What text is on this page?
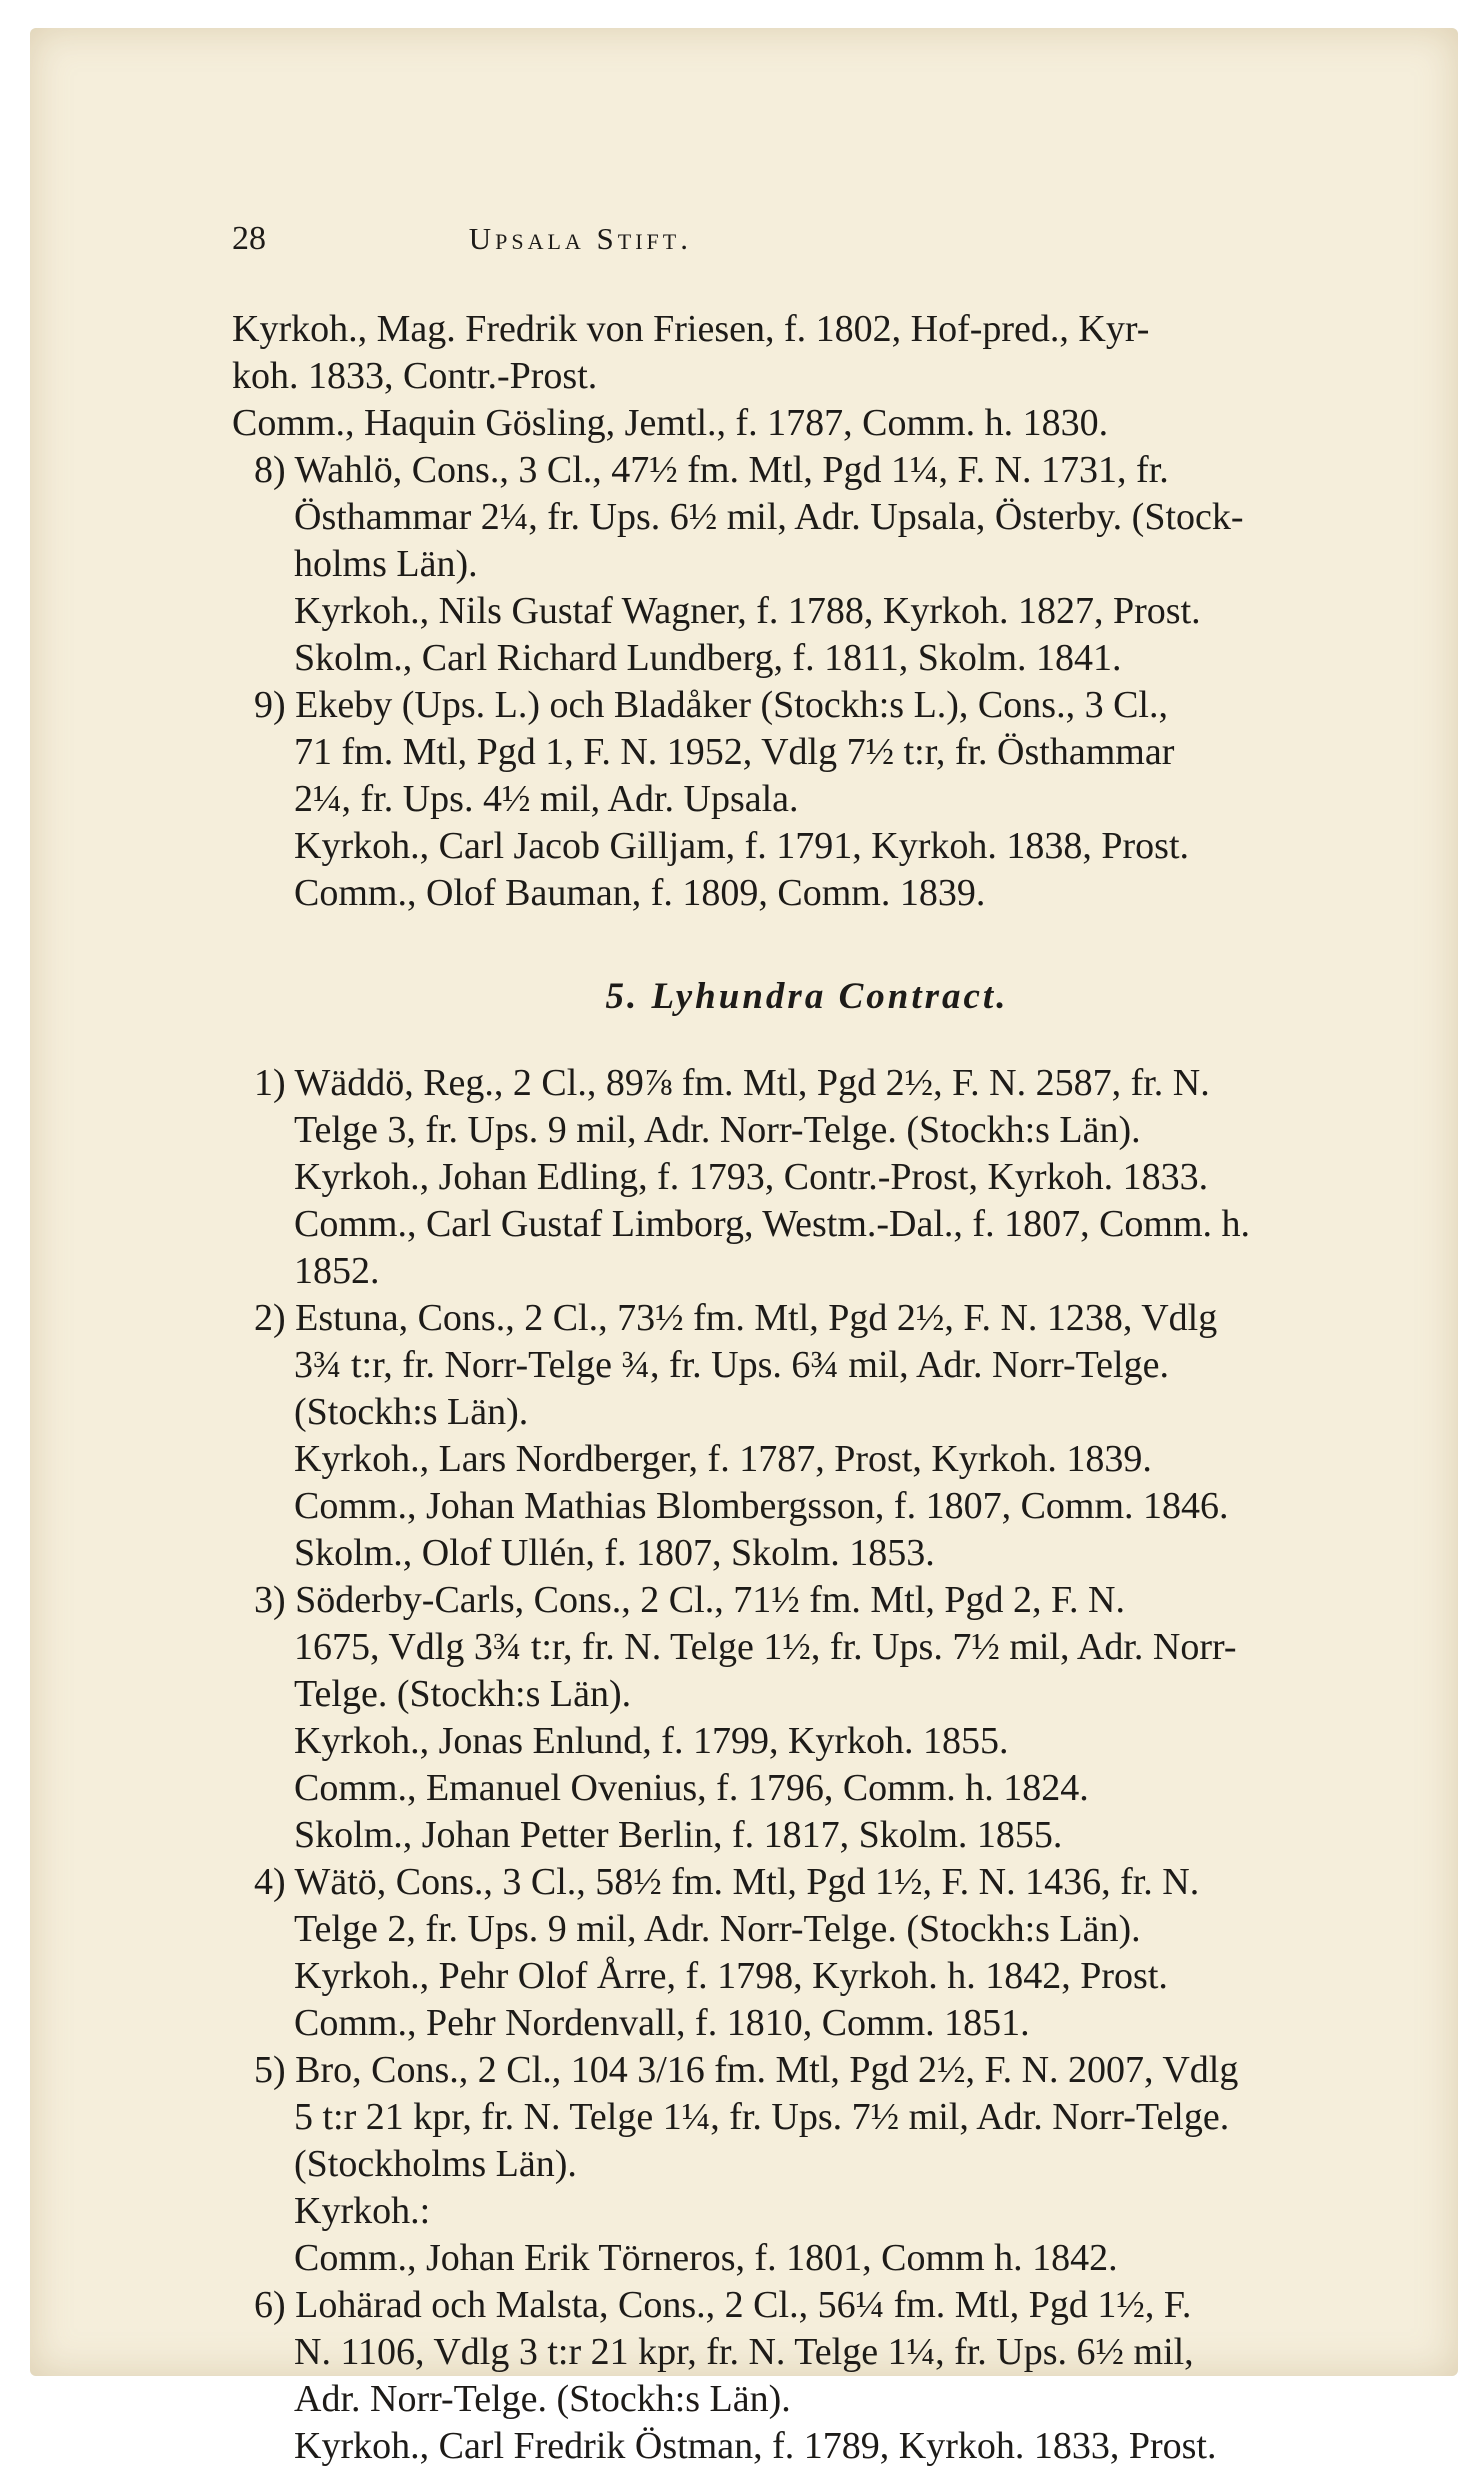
28	Upsala Stift.
Kyrkoh., Mag. Fredrik von Friesen, f. 1802, Hof-pred., Kyr-
koh. 1833, Contr.-Prost.
Comm., Haquin Gösling, Jemtl., f. 1787, Comm. h. 1830.
8) Wahlö, Cons., 3 Cl., 47½ fm. Mtl, Pgd 1¼, F. N. 1731, fr.
Östhammar 2¼, fr. Ups. 6½ mil, Adr. Upsala, Österby. (Stock-
holms Län).
Kyrkoh., Nils Gustaf Wagner, f. 1788, Kyrkoh. 1827, Prost.
Skolm., Carl Richard Lundberg, f. 1811, Skolm. 1841.
9) Ekeby (Ups. L.) och Bladåker (Stockh:s L.), Cons., 3 Cl.,
71 fm. Mtl, Pgd 1, F. N. 1952, Vdlg 7½ t:r, fr. Östhammar
2¼, fr. Ups. 4½ mil, Adr. Upsala.
Kyrkoh., Carl Jacob Gilljam, f. 1791, Kyrkoh. 1838, Prost.
Comm., Olof Bauman, f. 1809, Comm. 1839.
5. Lyhundra Contract.
1) Wäddö, Reg., 2 Cl., 89⅞ fm. Mtl, Pgd 2½, F. N. 2587, fr. N.
Telge 3, fr. Ups. 9 mil, Adr. Norr-Telge. (Stockh:s Län).
Kyrkoh., Johan Edling, f. 1793, Contr.-Prost, Kyrkoh. 1833.
Comm., Carl Gustaf Limborg, Westm.-Dal., f. 1807, Comm. h.
1852.
2) Estuna, Cons., 2 Cl., 73½ fm. Mtl, Pgd 2½, F. N. 1238, Vdlg
3¾ t:r, fr. Norr-Telge ¾, fr. Ups. 6¾ mil, Adr. Norr-Telge.
(Stockh:s Län).
Kyrkoh., Lars Nordberger, f. 1787, Prost, Kyrkoh. 1839.
Comm., Johan Mathias Blombergsson, f. 1807, Comm. 1846.
Skolm., Olof Ullén, f. 1807, Skolm. 1853.
3) Söderby-Carls, Cons., 2 Cl., 71½ fm. Mtl, Pgd 2, F. N.
1675, Vdlg 3¾ t:r, fr. N. Telge 1½, fr. Ups. 7½ mil, Adr. Norr-
Telge. (Stockh:s Län).
Kyrkoh., Jonas Enlund, f. 1799, Kyrkoh. 1855.
Comm., Emanuel Ovenius, f. 1796, Comm. h. 1824.
Skolm., Johan Petter Berlin, f. 1817, Skolm. 1855.
4) Wätö, Cons., 3 Cl., 58½ fm. Mtl, Pgd 1½, F. N. 1436, fr. N.
Telge 2, fr. Ups. 9 mil, Adr. Norr-Telge. (Stockh:s Län).
Kyrkoh., Pehr Olof Årre, f. 1798, Kyrkoh. h. 1842, Prost.
Comm., Pehr Nordenvall, f. 1810, Comm. 1851.
5) Bro, Cons., 2 Cl., 104 3/16 fm. Mtl, Pgd 2½, F. N. 2007, Vdlg
5 t:r 21 kpr, fr. N. Telge 1¼, fr. Ups. 7½ mil, Adr. Norr-Telge.
(Stockholms Län).
Kyrkoh.:
Comm., Johan Erik Törneros, f. 1801, Comm h. 1842.
6) Lohärad och Malsta, Cons., 2 Cl., 56¼ fm. Mtl, Pgd 1½, F.
N. 1106, Vdlg 3 t:r 21 kpr, fr. N. Telge 1¼, fr. Ups. 6½ mil,
Adr. Norr-Telge. (Stockh:s Län).
Kyrkoh., Carl Fredrik Östman, f. 1789, Kyrkoh. 1833, Prost.
